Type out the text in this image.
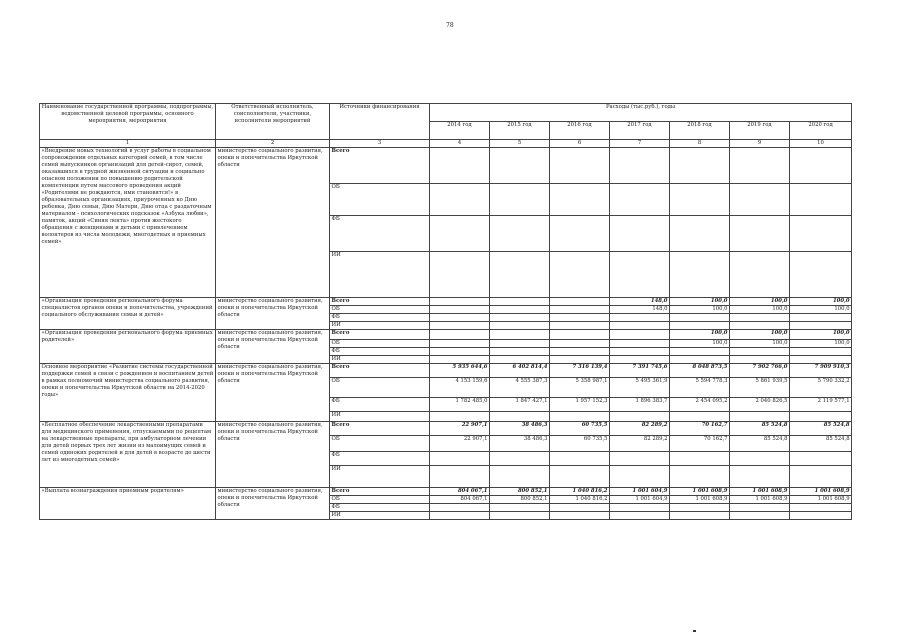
78
Наименование государственной программы, подпрограммы, ведомственной целевой программы, основного мероприятия, мероприятия	Ответственный исполнитель, соисполнители, участники, исполнители мероприятий	Источники финансирования	Расходы (тыс.руб.), годы						
			2014 год	2015 год	2016 год	2017 год	2018 год	2019 год	2020 год
1	2	3	4	5	6	7	8	9	10
«Внедрение новых технологий в услуг работы в социальном сопровождении отдельных категорий семей, в том числе семей выпускников организаций для детей-сирот, семей, оказавшихся в трудной жизненной ситуации и социально опасном положении по повышению родительской компетенции путем массового проведения акций «Родителями не рождаются, ими становятся!» в образовательных организациях, приуроченных ко Дню ребенка, Дню семьи, Дню Матери, Дню отца с раздаточным материалом - психологических подсказок «Азбука любви», памяток, акций «Синяя лента» против жестокого обращения с женщинами и детьми с привлечением волонтеров из числа молодежи, многодетных и приемных семей»	министерство социального развития, опеки и попечительства Иркутской области	Всего							
		ОБ							
		ФБ							
		ИИ							
«Организация проведения регионального форума специалистов органов опеки и попечительства, учреждений социального обслуживания семьи и детей»	министерство социального развития, опеки и попечительства Иркутской области	Всего				148,0	100,0	100,0	100,0
		ОБ				148,0	100,0	100,0	100,0
		ФБ							
		ИИ							
«Организация проведения регионального форума приемных родителей»	министерство социального развития, опеки и попечительства Иркутской области	Всего					100,0	100,0	100,0
		ОБ					100,0	100,0	100,0
		ФБ							
		ИИ							
Основное мероприятие «Развитие системы государственной поддержки семей в связи с рождением и воспитанием детей в рамках полномочий министерства социального развития, опеки и попечительства Иркутской области на 2014-2020 годы»	министерство социального развития, опеки и попечительства Иркутской области	Всего	5 935 644,6	6 402 814,4	7 316 139,4	7 391 745,6	8 048 873,5	7 902 766,0	7 909 910,3
		ОБ	4 153 159,6	4 555 387,3	5 358 987,1	5 495 361,9	5 594 778,3	5 861 939,5	5 790 332,2
		ФБ	1 782 485,0	1 847 427,1	1 957 152,3	1 896 383,7	2 454 095,2	2 040 826,5	2 119 577,1
		ИИ							
«Бесплатное обеспечение лекарственными препаратами для медицинского применения, отпускаемыми по рецептам на лекарственные препараты, при амбулаторном лечении для детей первых трех лет жизни из малоимущих семей и семей одиноких родителей и для детей в возрасте до шести лет из многодетных семей»	министерство социального развития, опеки и попечительства Иркутской области	Всего	22 907,1	38 486,3	60 735,5	82 289,2	70 162,7	85 524,8	85 524,8
		ОБ	22 907,1	38 486,3	60 735,5	82 289,2	70 162,7	85 524,8	85 524,8
		ФБ							
		ИИ							
«Выплата вознаграждения приемным родителям»	министерство социального развития, опеки и попечительства Иркутской области	Всего	804 067,1	800 852,1	1 040 816,2	1 001 604,9	1 001 608,9	1 001 608,9	1 001 608,9
		ОБ	804 067,1	800 852,1	1 040 816,2	1 001 604,9	1 001 608,9	1 001 608,9	1 001 608,9
		ФБ							
		ИИ							
